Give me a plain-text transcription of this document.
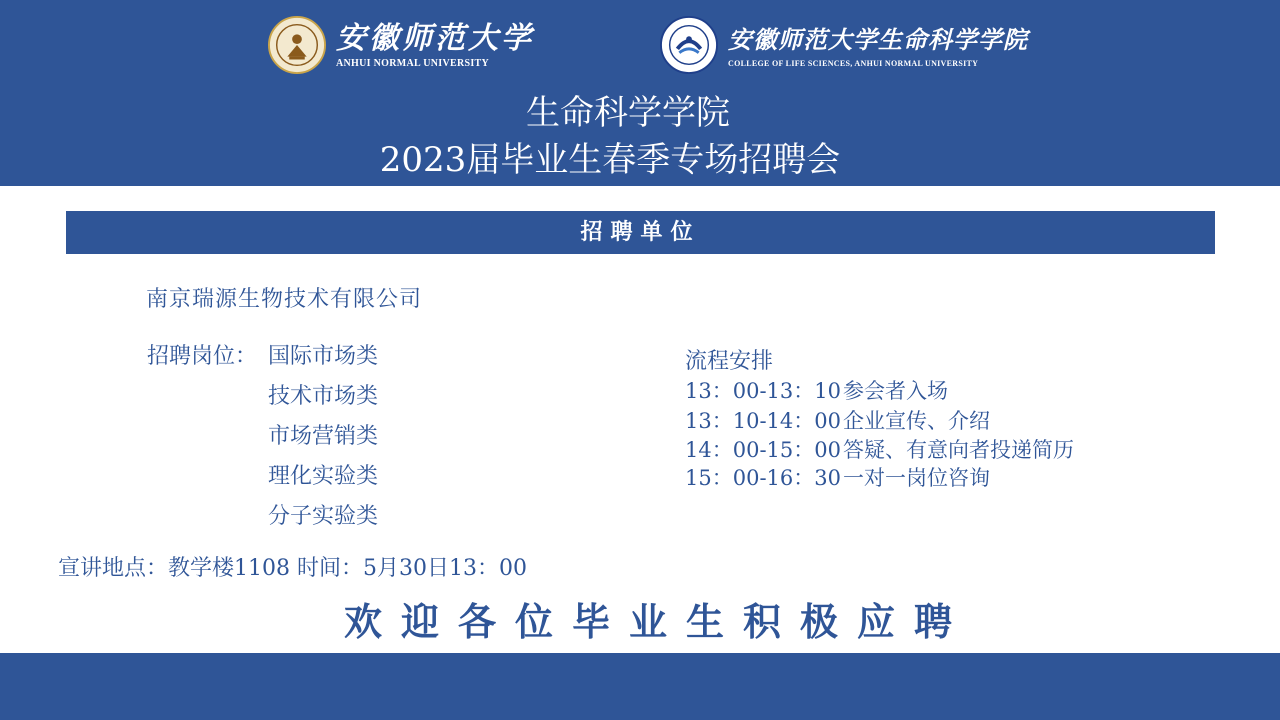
安徽师范大学
ANHUI NORMAL UNIVERSITY
安徽师范大学生命科学学院
COLLEGE OF LIFE SCIENCES, ANHUI NORMAL UNIVERSITY
生命科学学院
2023届毕业生春季专场招聘会
招聘单位
南京瑞源生物技术有限公司
招聘岗位： 国际市场类
技术市场类
市场营销类
理化实验类
分子实验类
流程安排
13：00-13：10参会者入场
13：10-14：00企业宣传、介绍
14：00-15：00答疑、有意向者投递简历
15：00-16：30一对一岗位咨询
宣讲地点：教学楼1108 时间：5月30日13：00
欢迎各位毕业生积极应聘
